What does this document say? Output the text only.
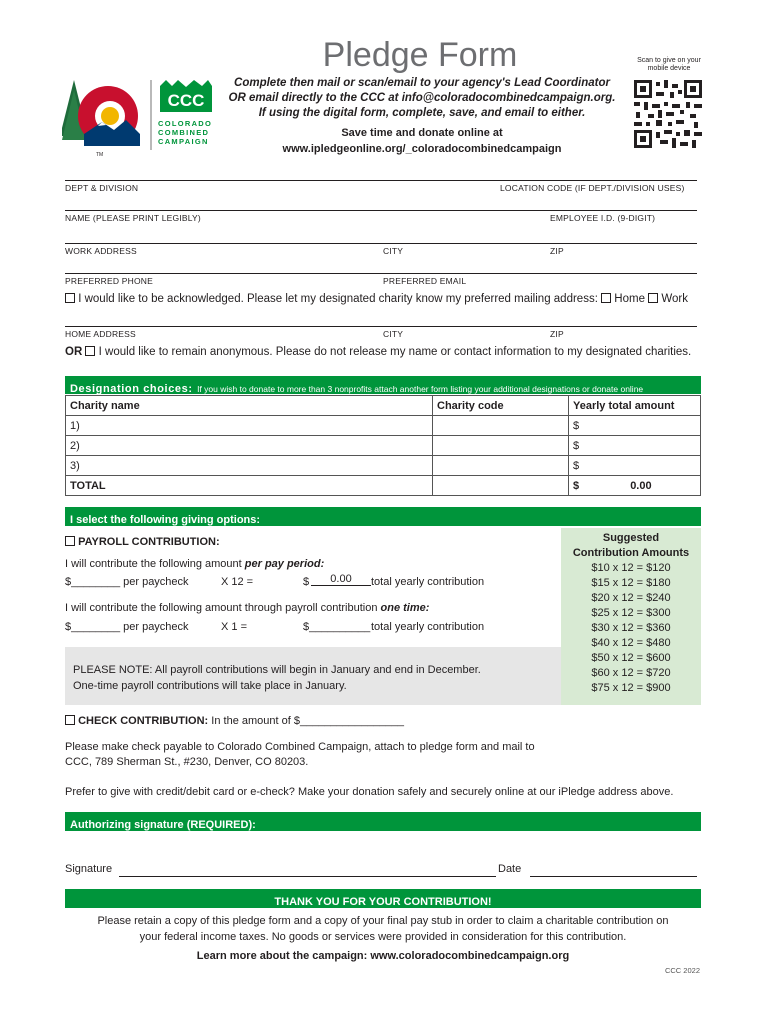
TM
CCC
COLORADO
COMBINED
CAMPAIGN
Pledge Form
Complete then mail or scan/email to your agency's Lead Coordinator
OR email directly to the CCC at info@coloradocombinedcampaign.org.
If using the digital form, complete, save, and email to either.
Save time and donate online at
www.ipledgeonline.org/_coloradocombinedcampaign
Scan to give on your mobile device
DEPT & DIVISION	LOCATION CODE (IF DEPT./DIVISION USES)
NAME (PLEASE PRINT LEGIBLY)	EMPLOYEE I.D. (9-DIGIT)
WORK ADDRESS	CITY	ZIP
PREFERRED PHONE	PREFERRED EMAIL
I would like to be acknowledged. Please let my designated charity know my preferred mailing address: Home Work
HOME ADDRESS	CITY	ZIP
OR I would like to remain anonymous. Please do not release my name or contact information to my designated charities.
Designation choices: If you wish to donate to more than 3 nonprofits attach another form listing your additional designations or donate online
Charity name	Charity code	Yearly total amount
1)		$
2)		$
3)		$
TOTAL		$ 0.00
I select the following giving options:
PAYROLL CONTRIBUTION:
I will contribute the following amount per pay period:
$________ per paycheck	X 12 =	$	0.00	total yearly contribution
I will contribute the following amount through payroll contribution one time:
$________ per paycheck	X 1 =	$__________ total yearly contribution
PLEASE NOTE: All payroll contributions will begin in January and end in December.
One-time payroll contributions will take place in January.
Suggested
Contribution Amounts
$10 x 12 = $120
$15 x 12 = $180
$20 x 12 = $240
$25 x 12 = $300
$30 x 12 = $360
$40 x 12 = $480
$50 x 12 = $600
$60 x 12 = $720
$75 x 12 = $900
CHECK CONTRIBUTION: In the amount of $_________________
Please make check payable to Colorado Combined Campaign, attach to pledge form and mail to
CCC, 789 Sherman St., #230, Denver, CO 80203.
Prefer to give with credit/debit card or e-check? Make your donation safely and securely online at our iPledge address above.
Authorizing signature (REQUIRED):
Signature	Date
THANK YOU FOR YOUR CONTRIBUTION!
Please retain a copy of this pledge form and a copy of your final pay stub in order to claim a charitable contribution on
your federal income taxes. No goods or services were provided in consideration for this contribution.
Learn more about the campaign: www.coloradocombinedcampaign.org
CCC 2022
